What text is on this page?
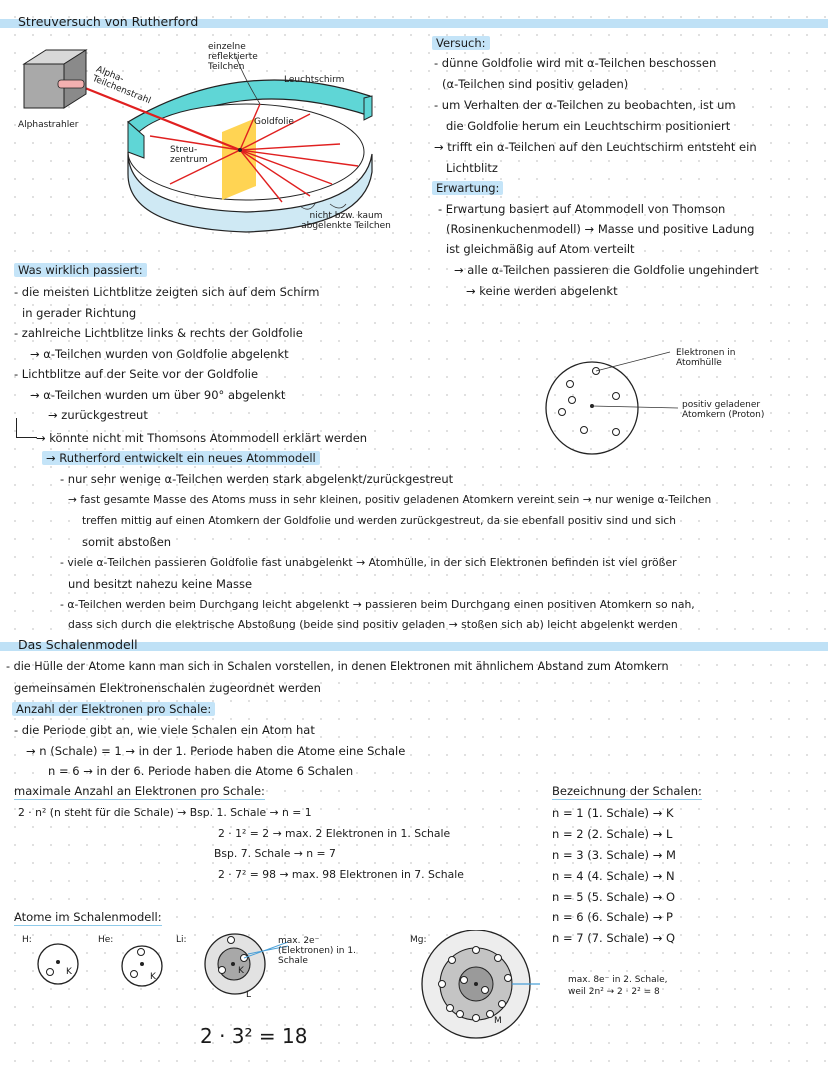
Streuversuch von Rutherford
Alphastrahler
Alpha-Teilchenstrahl
einzelne reflektierte Teilchen
Leuchtschirm
Goldfolie
Streu-zentrum
nicht bzw. kaum abgelenkte Teilchen
Versuch:
- dünne Goldfolie wird mit α-Teilchen beschossen
(α-Teilchen sind positiv geladen)
- um Verhalten der α-Teilchen zu beobachten, ist um
die Goldfolie herum ein Leuchtschirm positioniert
→ trifft ein α-Teilchen auf den Leuchtschirm entsteht ein
Lichtblitz
Erwartung:
- Erwartung basiert auf Atommodell von Thomson
(Rosinenkuchenmodell) → Masse und positive Ladung
ist gleichmäßig auf Atom verteilt
→ alle α-Teilchen passieren die Goldfolie ungehindert
→ keine werden abgelenkt
Was wirklich passiert:
- die meisten Lichtblitze zeigten sich auf dem Schirm
in gerader Richtung
- zahlreiche Lichtblitze links & rechts der Goldfolie
→ α-Teilchen wurden von Goldfolie abgelenkt
- Lichtblitze auf der Seite vor der Goldfolie
→ α-Teilchen wurden um über 90° abgelenkt
→ zurückgestreut
→ könnte nicht mit Thomsons Atommodell erklärt werden
→ Rutherford entwickelt ein neues Atommodell
- nur sehr wenige α-Teilchen werden stark abgelenkt/zurückgestreut
→ fast gesamte Masse des Atoms muss in sehr kleinen, positiv geladenen Atomkern vereint sein → nur wenige α-Teilchen
treffen mittig auf einen Atomkern der Goldfolie und werden zurückgestreut, da sie ebenfall positiv sind und sich
somit abstoßen
- viele α-Teilchen passieren Goldfolie fast unabgelenkt → Atomhülle, in der sich Elektronen befinden ist viel größer
und besitzt nahezu keine Masse
- α-Teilchen werden beim Durchgang leicht abgelenkt → passieren beim Durchgang einen positiven Atomkern so nah,
dass sich durch die elektrische Abstoßung (beide sind positiv geladen → stoßen sich ab) leicht abgelenkt werden
Elektronen in Atomhülle
positiv geladener Atomkern (Proton)
Das Schalenmodell
- die Hülle der Atome kann man sich in Schalen vorstellen, in denen Elektronen mit ähnlichem Abstand zum Atomkern
gemeinsamen Elektronenschalen zugeordnet werden
Anzahl der Elektronen pro Schale:
- die Periode gibt an, wie viele Schalen ein Atom hat
→ n (Schale) = 1 → in der 1. Periode haben die Atome eine Schale
n = 6 → in der 6. Periode haben die Atome 6 Schalen
maximale Anzahl an Elektronen pro Schale:
2 · n² (n steht für die Schale) → Bsp. 1. Schale → n = 1
2 · 1² = 2 → max. 2 Elektronen in 1. Schale
Bsp. 7. Schale → n = 7
2 · 7² = 98 → max. 98 Elektronen in 7. Schale
Bezeichnung der Schalen:
n = 1 (1. Schale) → K
n = 2 (2. Schale) → L
n = 3 (3. Schale) → M
n = 4 (4. Schale) → N
n = 5 (5. Schale) → O
n = 6 (6. Schale) → P
n = 7 (7. Schale) → Q
Atome im Schalenmodell:
H:	He:	Li:	Mg:
K	K
K
L
M
max. 2e⁻ (Elektronen) in 1. Schale
max. 8e⁻ in 2. Schale,
weil 2n² → 2 · 2² = 8
2 · 3² = 18
